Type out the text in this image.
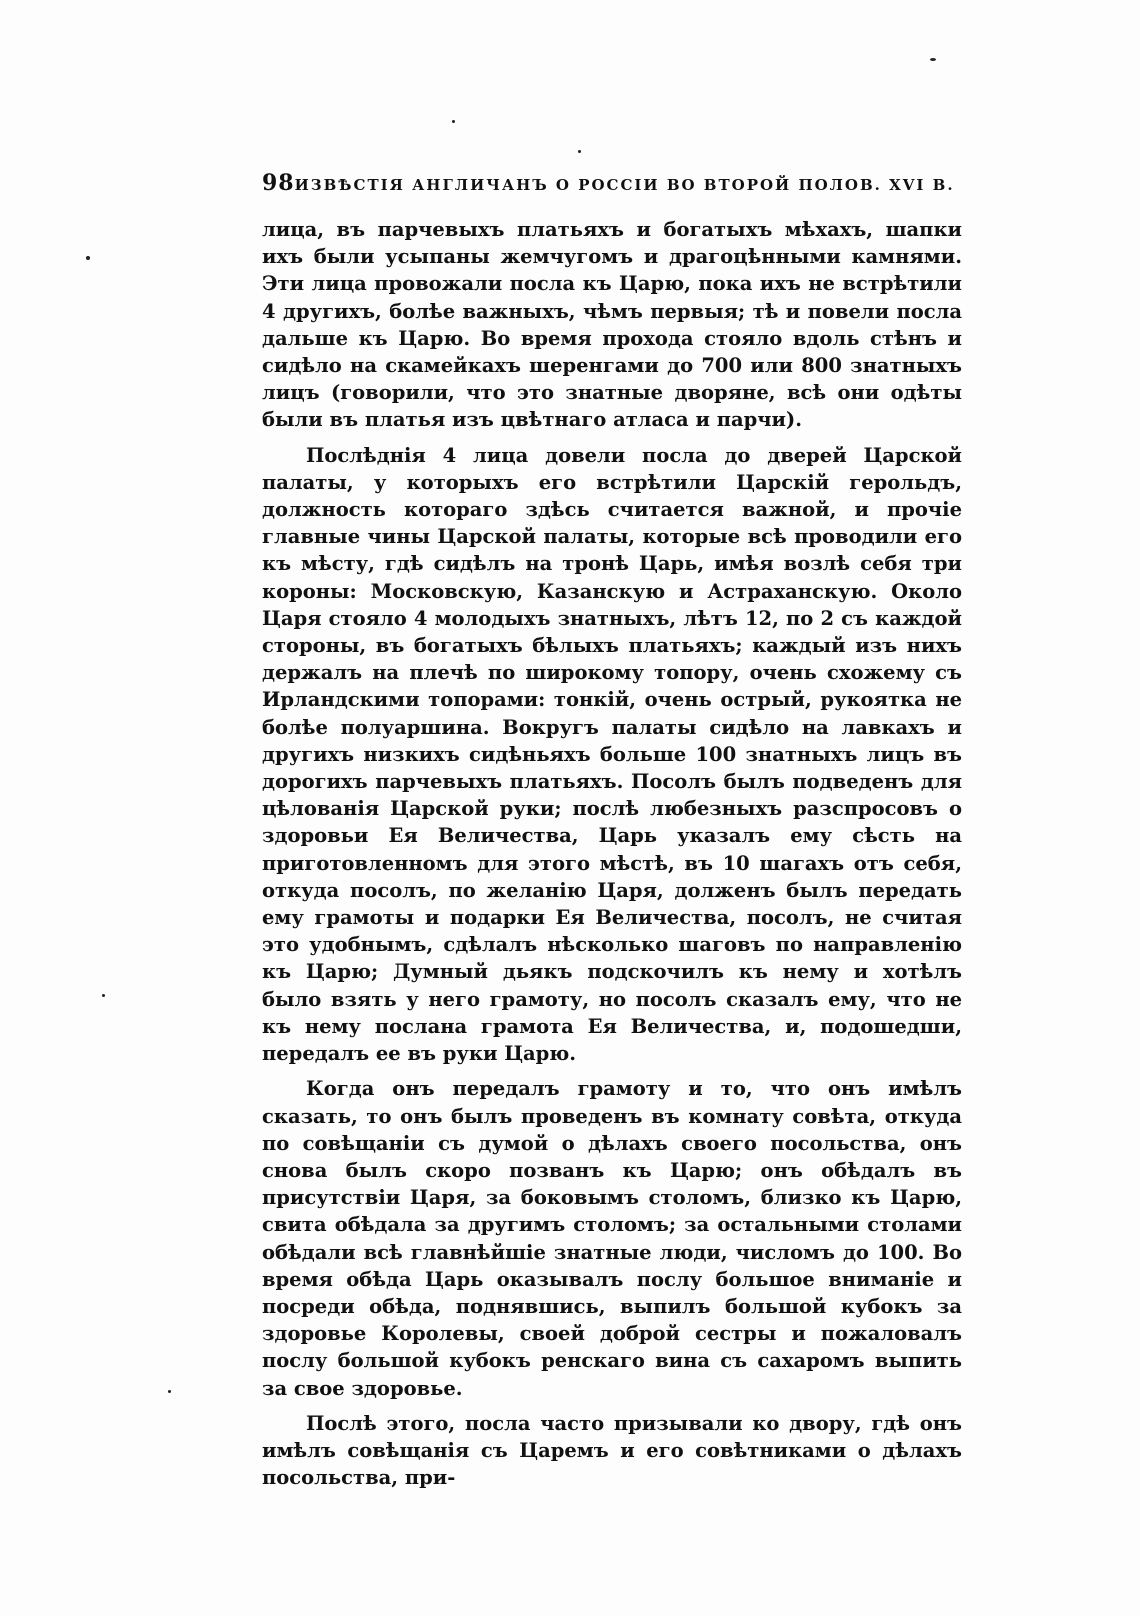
98 ИЗВѢСТІЯ АНГЛИЧАНЪ О РОССІИ ВО ВТОРОЙ ПОЛОВ. XVI В.

лица, въ парчевыхъ платьяхъ и богатыхъ мѣхахъ, шапки ихъ были усыпаны жемчугомъ и драгоцѣнными камнями. Эти лица провожали посла къ Царю, пока ихъ не встрѣтили 4 другихъ, болѣе важныхъ, чѣмъ первыя; тѣ и повели посла дальше къ Царю. Во время прохода стояло вдоль стѣнъ и сидѣло на скамейкахъ шеренгами до 700 или 800 знатныхъ лицъ (говорили, что это знатные дворяне, всѣ они одѣты были въ платья изъ цвѣтнаго атласа и парчи).

Послѣднія 4 лица довели посла до дверей Царской палаты, у которыхъ его встрѣтили Царскій герольдъ, должность котораго здѣсь считается важной, и прочіе главные чины Царской палаты, которые всѣ проводили его къ мѣсту, гдѣ сидѣлъ на тронѣ Царь, имѣя возлѣ себя три короны: Московскую, Казанскую и Астраханскую. Около Царя стояло 4 молодыхъ знатныхъ, лѣтъ 12, по 2 съ каждой стороны, въ богатыхъ бѣлыхъ платьяхъ; каждый изъ нихъ держалъ на плечѣ по широкому топору, очень схожему съ Ирландскими топорами: тонкій, очень острый, рукоятка не болѣе полуаршина. Вокругъ палаты сидѣло на лавкахъ и другихъ низкихъ сидѣньяхъ больше 100 знатныхъ лицъ въ дорогихъ парчевыхъ платьяхъ. Посолъ былъ подведенъ для цѣлованія Царской руки; послѣ любезныхъ разспросовъ о здоровьи Ея Величества, Царь указалъ ему сѣсть на приготовленномъ для этого мѣстѣ, въ 10 шагахъ отъ себя, откуда посолъ, по желанію Царя, долженъ былъ передать ему грамоты и подарки Ея Величества, посолъ, не считая это удобнымъ, сдѣлалъ нѣсколько шаговъ по направленію къ Царю; Думный дьякъ подскочилъ къ нему и хотѣлъ было взять у него грамоту, но посолъ сказалъ ему, что не къ нему послана грамота Ея Величества, и, подошедши, передалъ ее въ руки Царю.

Когда онъ передалъ грамоту и то, что онъ имѣлъ сказать, то онъ былъ проведенъ въ комнату совѣта, откуда по совѣщаніи съ думой о дѣлахъ своего посольства, онъ снова былъ скоро позванъ къ Царю; онъ обѣдалъ въ присутствіи Царя, за боковымъ столомъ, близко къ Царю, свита обѣдала за другимъ столомъ; за остальными столами обѣдали всѣ главнѣйшіе знатные люди, числомъ до 100. Во время обѣда Царь оказывалъ послу большое вниманіе и посреди обѣда, поднявшись, выпилъ большой кубокъ за здоровье Королевы, своей доброй сестры и пожаловалъ послу большой кубокъ ренскаго вина съ сахаромъ выпить за свое здоровье.

Послѣ этого, посла часто призывали ко двору, гдѣ онъ имѣлъ совѣщанія съ Царемъ и его совѣтниками о дѣлахъ посольства, при-
